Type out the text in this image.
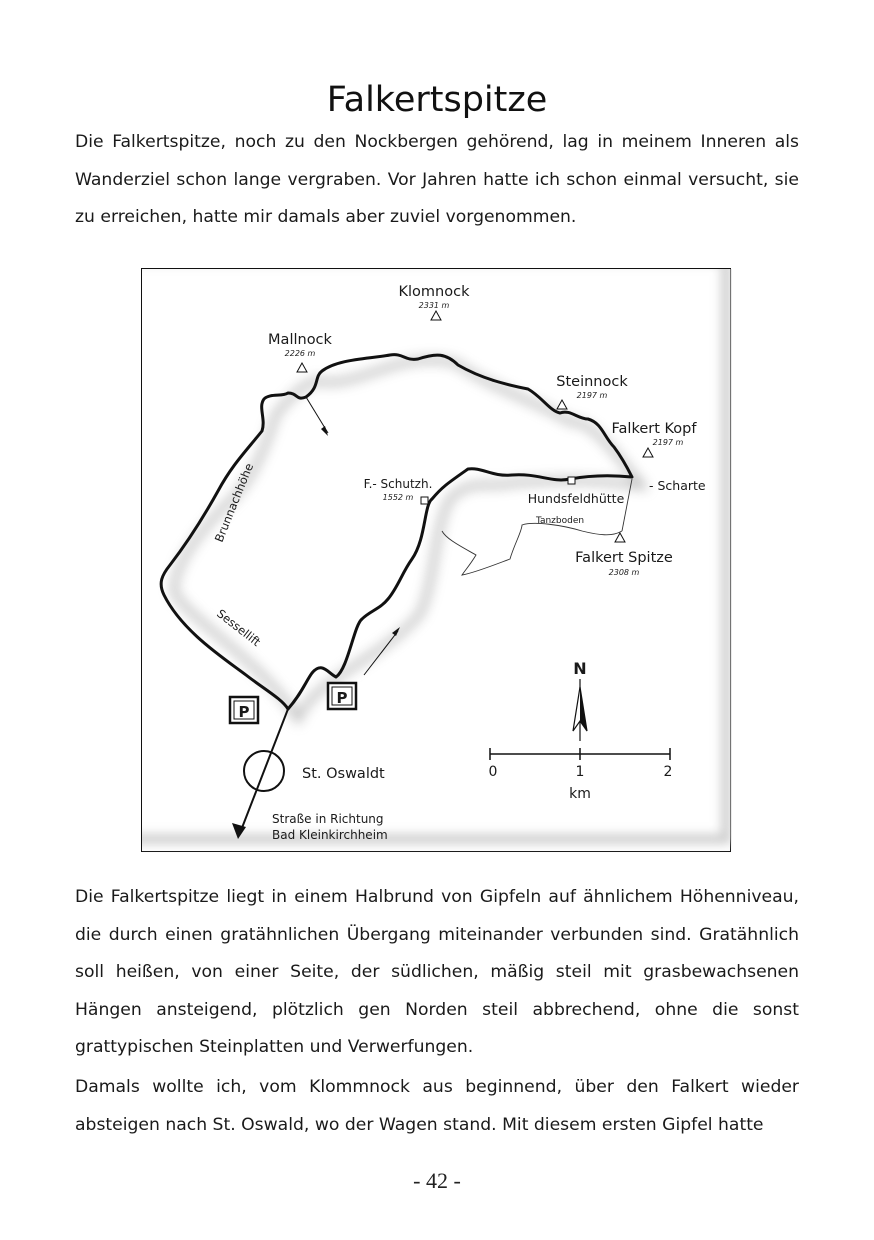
Falkertspitze

Die Falkertspitze, noch zu den Nockbergen gehörend, lag in meinem Inneren als Wanderziel schon lange vergraben. Vor Jahren hatte ich schon einmal versucht, sie zu erreichen, hatte mir damals aber zuviel vorgenommen.

P
P
Klomnock
2331 m
Mallnock
2226 m
Steinnock
2197 m
Falkert Kopf
2197 m
Falkert Spitze
2308 m
F.- Schutzh.
1552 m	Hundsfeldhütte
- Scharte
Tanzboden
Brunnachhöhe
Sessellift
St. Oswaldt
Straße in Richtung
Bad Kleinkirchheim
N
0	1	2
km

Die Falkertspitze liegt in einem Halbrund von Gipfeln auf ähnlichem Höhenniveau, die durch einen gratähnlichen Übergang miteinander verbunden sind. Gratähnlich soll heißen, von einer Seite, der südlichen, mäßig steil mit grasbewachsenen Hängen ansteigend, plötzlich gen Norden steil abbrechend, ohne die sonst grattypischen Steinplatten und Verwerfungen.

Damals wollte ich, vom Klommnock aus beginnend, über den Falkert wieder absteigen nach St. Oswald, wo der Wagen stand. Mit diesem ersten Gipfel hatte

- 42 -
